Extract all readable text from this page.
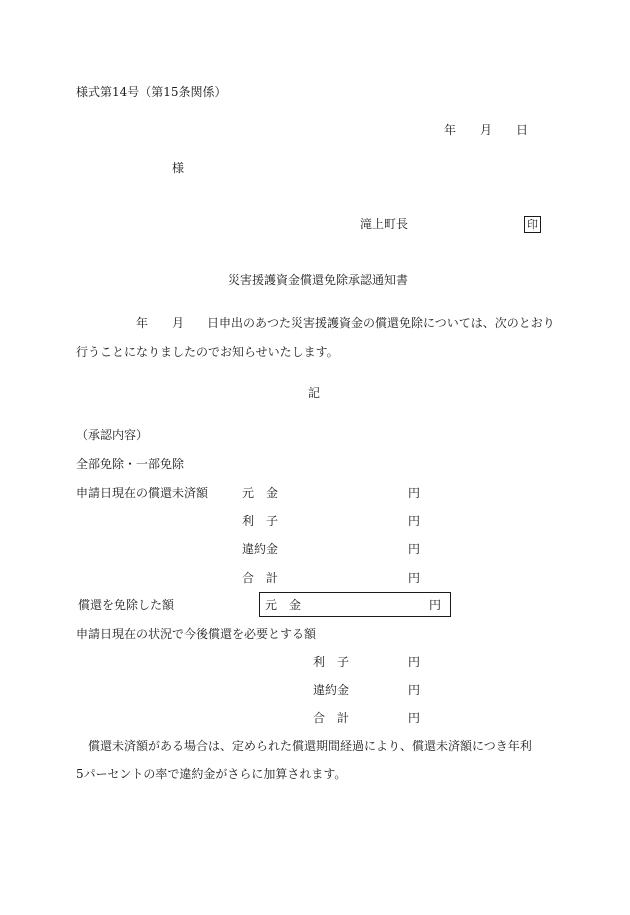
様式第14号（第15条関係）
年 月 日
様
滝上町長	印
災害援護資金償還免除承認通知書
年 月 日申出のあつた災害援護資金の償還免除については、次のとおり
行うことになりましたのでお知らせいたします。
記
（承認内容）
全部免除・一部免除
申請日現在の償還未済額	元　金	円
利　子	円
違約金	円
合　計	円
償還を免除した額	元　金	円
申請日現在の状況で今後償還を必要とする額
利　子	円
違約金	円
合　計	円
償還未済額がある場合は、定められた償還期間経過により、償還未済額につき年利
5パーセントの率で違約金がさらに加算されます。
